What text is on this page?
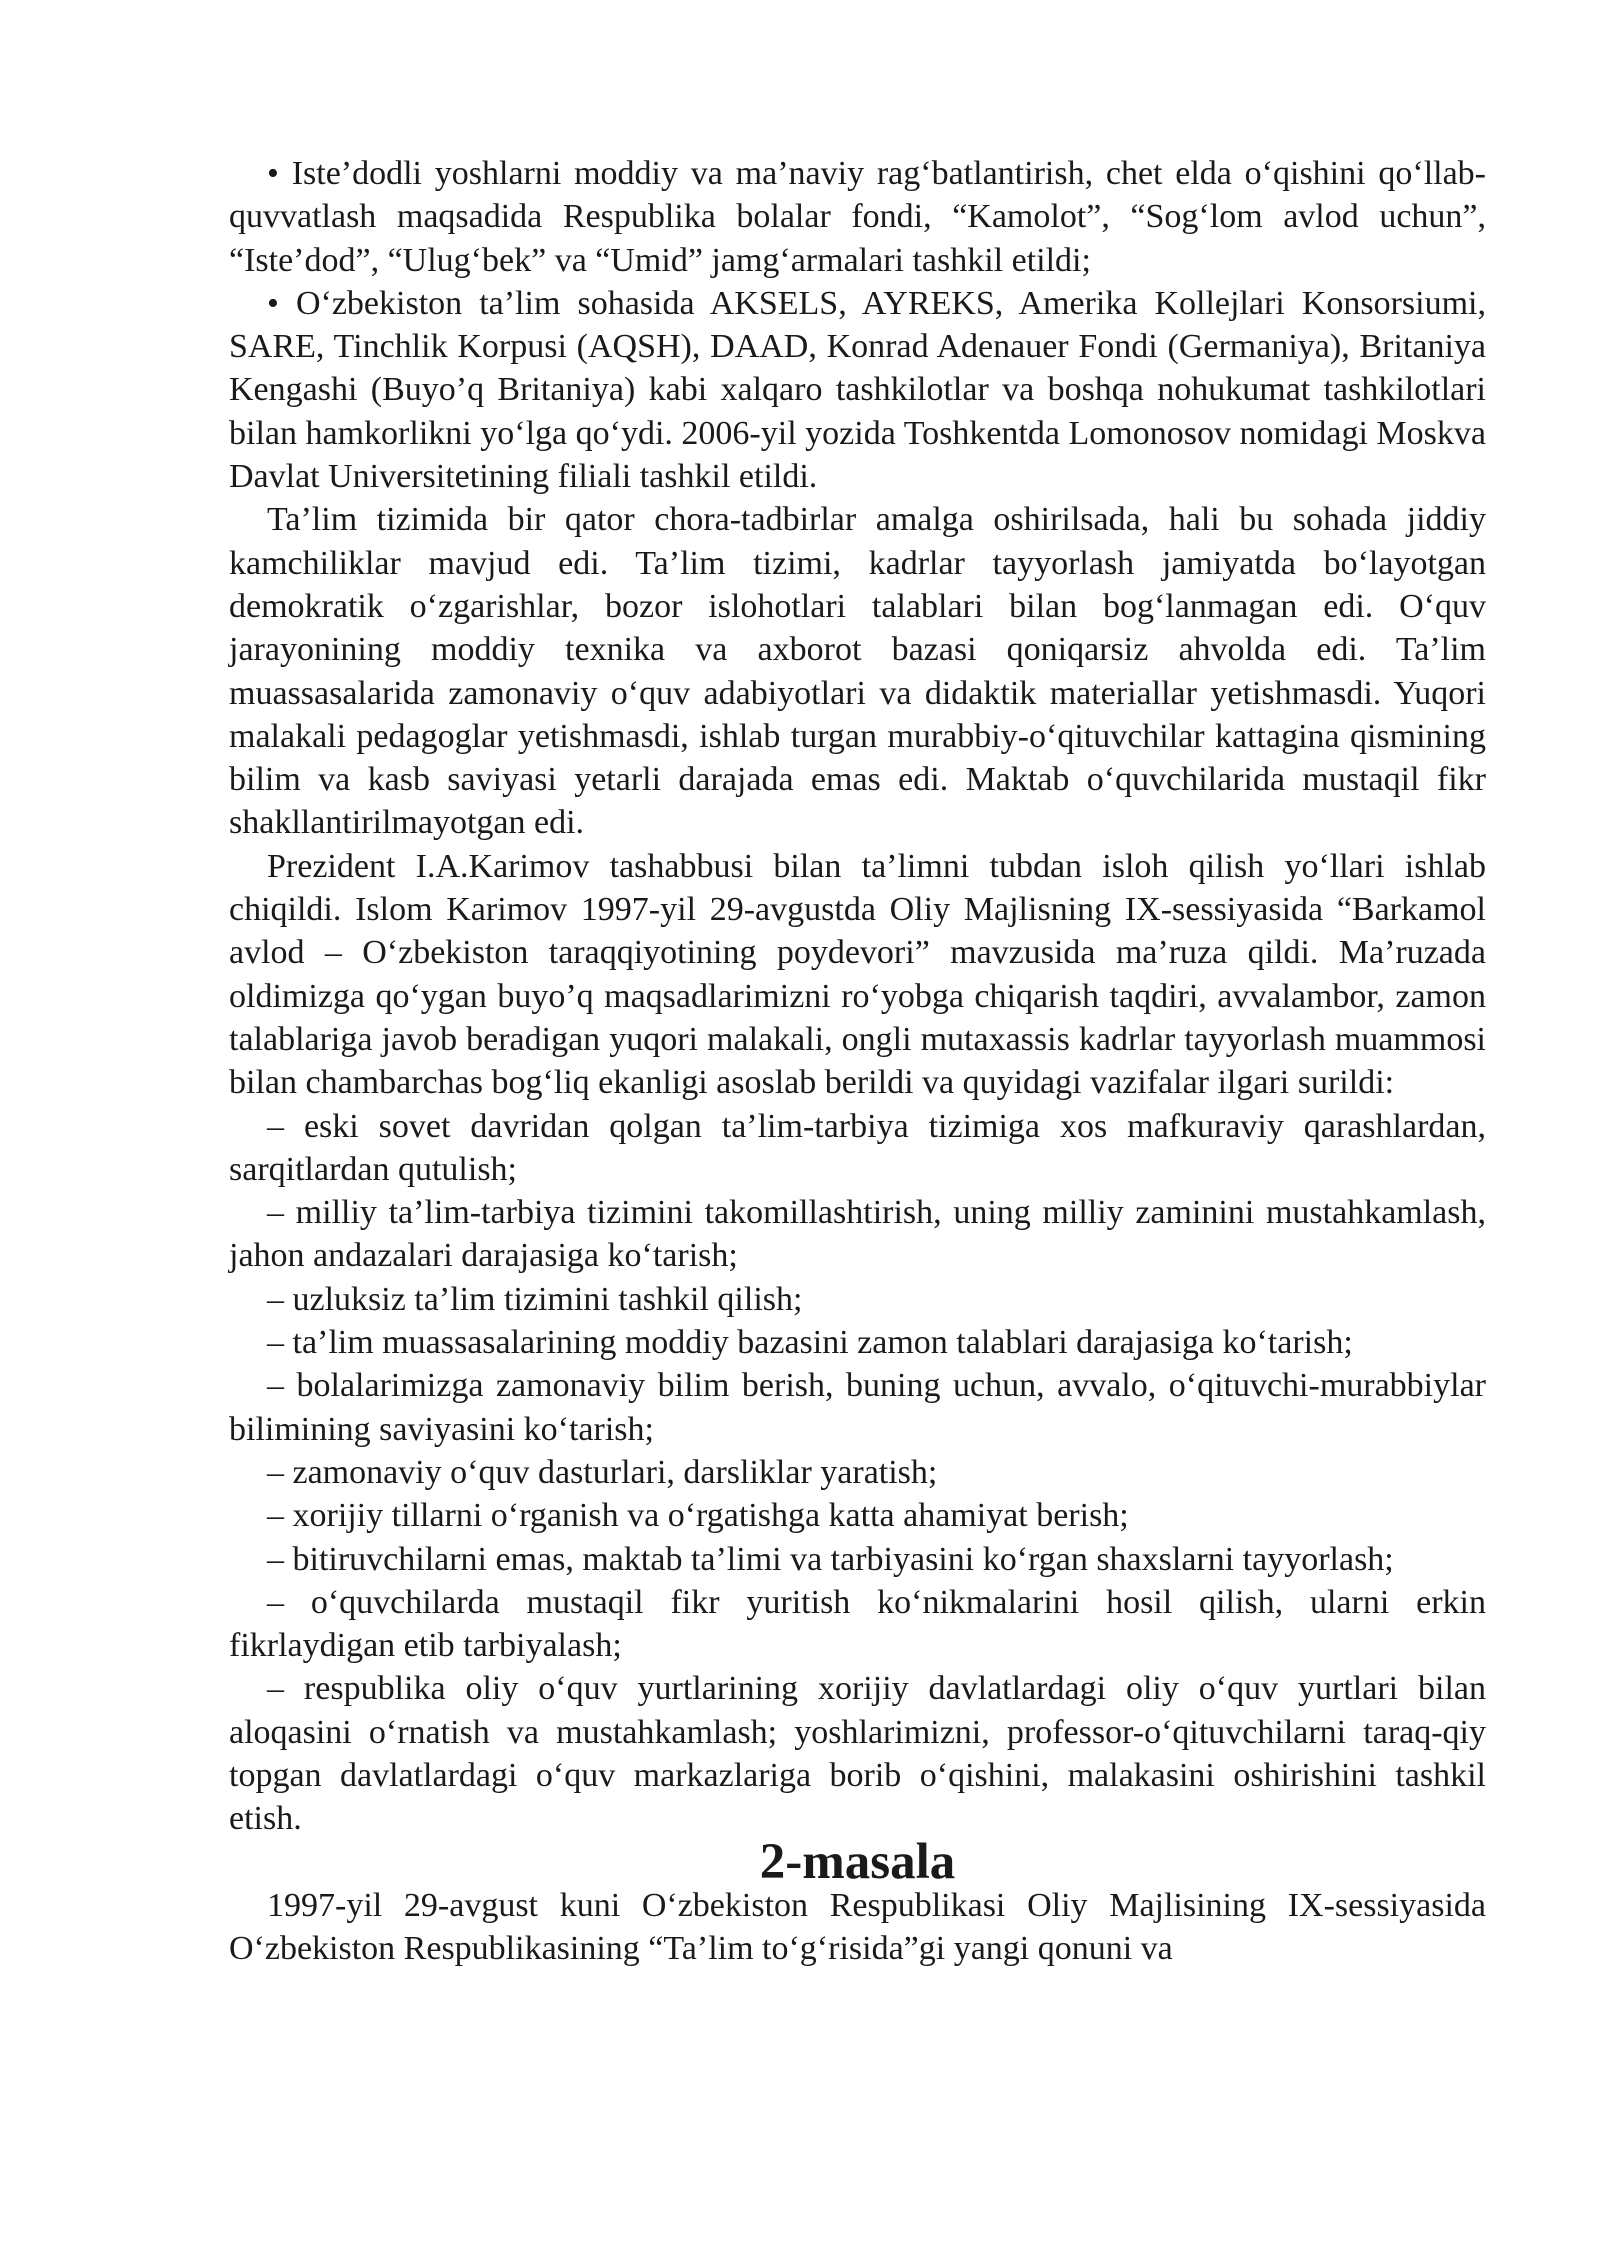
• Iste’dodli yoshlarni moddiy va ma’naviy rag‘batlantirish, chet elda o‘qishini qo‘llab-quvvatlash maqsadida Respublika bolalar fondi, “Kamolot”, “Sog‘lom avlod uchun”, “Iste’dod”, “Ulug‘bek” va “Umid” jamg‘armalari tashkil etildi;

• O‘zbekiston ta’lim sohasida AKSELS, AYREKS, Amerika Kollejlari Konsorsiumi, SARE, Tinchlik Korpusi (AQSH), DAAD, Konrad Adenauer Fondi (Germaniya), Britaniya Kengashi (Buyo’q Britaniya) kabi xalqaro tashkilotlar va boshqa nohukumat tashkilotlari bilan hamkorlikni yo‘lga qo‘ydi. 2006-yil yozida Toshkentda Lomonosov nomidagi Moskva Davlat Universitetining filiali tashkil etildi.

Ta’lim tizimida bir qator chora-tadbirlar amalga oshirilsada, hali bu sohada jiddiy kamchiliklar mavjud edi. Ta’lim tizimi, kadrlar tayyorlash jamiyatda bo‘layotgan demokratik o‘zgarishlar, bozor islohotlari talablari bilan bog‘lanmagan edi. O‘quv jarayonining moddiy texnika va axborot bazasi qoniqarsiz ahvolda edi. Ta’lim muassasalarida zamonaviy o‘quv adabiyotlari va didaktik materiallar yetishmasdi. Yuqori malakali pedagoglar yetishmasdi, ishlab turgan murabbiy-o‘qituvchilar kattagina qismining bilim va kasb saviyasi yetarli darajada emas edi. Maktab o‘quvchilarida mustaqil fikr shakllantirilmayotgan edi.

Prezident I.A.Karimov tashabbusi bilan ta’limni tubdan isloh qilish yo‘llari ishlab chiqildi. Islom Karimov 1997-yil 29-avgustda Oliy Majlisning IX-sessiyasida “Barkamol avlod – O‘zbekiston taraqqiyotining poydevori” mavzusida ma’ruza qildi. Ma’ruzada oldimizga qo‘ygan buyo’q maqsadlarimizni ro‘yobga chiqarish taqdiri, avvalambor, zamon talablariga javob beradigan yuqori malakali, ongli mutaxassis kadrlar tayyorlash muammosi bilan chambarchas bog‘liq ekanligi asoslab berildi va quyidagi vazifalar ilgari surildi:

– eski sovet davridan qolgan ta’lim-tarbiya tizimiga xos mafkuraviy qarashlardan, sarqitlardan qutulish;

– milliy ta’lim-tarbiya tizimini takomillashtirish, uning milliy zaminini mustahkamlash, jahon andazalari darajasiga ko‘tarish;

– uzluksiz ta’lim tizimini tashkil qilish;

– ta’lim muassasalarining moddiy bazasini zamon talablari darajasiga ko‘tarish;

– bolalarimizga zamonaviy bilim berish, buning uchun, avvalo, o‘qituvchi-murabbiylar bilimining saviyasini ko‘tarish;

– zamonaviy o‘quv dasturlari, darsliklar yaratish;

– xorijiy tillarni o‘rganish va o‘rgatishga katta ahamiyat berish;

– bitiruvchilarni emas, maktab ta’limi va tarbiyasini ko‘rgan shaxslarni tayyorlash;

– o‘quvchilarda mustaqil fikr yuritish ko‘nikmalarini hosil qilish, ularni erkin fikrlaydigan etib tarbiyalash;

– respublika oliy o‘quv yurtlarining xorijiy davlatlardagi oliy o‘quv yurtlari bilan aloqasini o‘rnatish va mustahkamlash; yoshlarimizni, professor-o‘qituvchilarni taraq-qiy topgan davlatlardagi o‘quv markazlariga borib o‘qishini, malakasini oshirishini tashkil etish.

2-masala

1997-yil 29-avgust kuni O‘zbekiston Respublikasi Oliy Majlisining IX-sessiyasida O‘zbekiston Respublikasining “Ta’lim to‘g‘risida”gi yangi qonuni va
